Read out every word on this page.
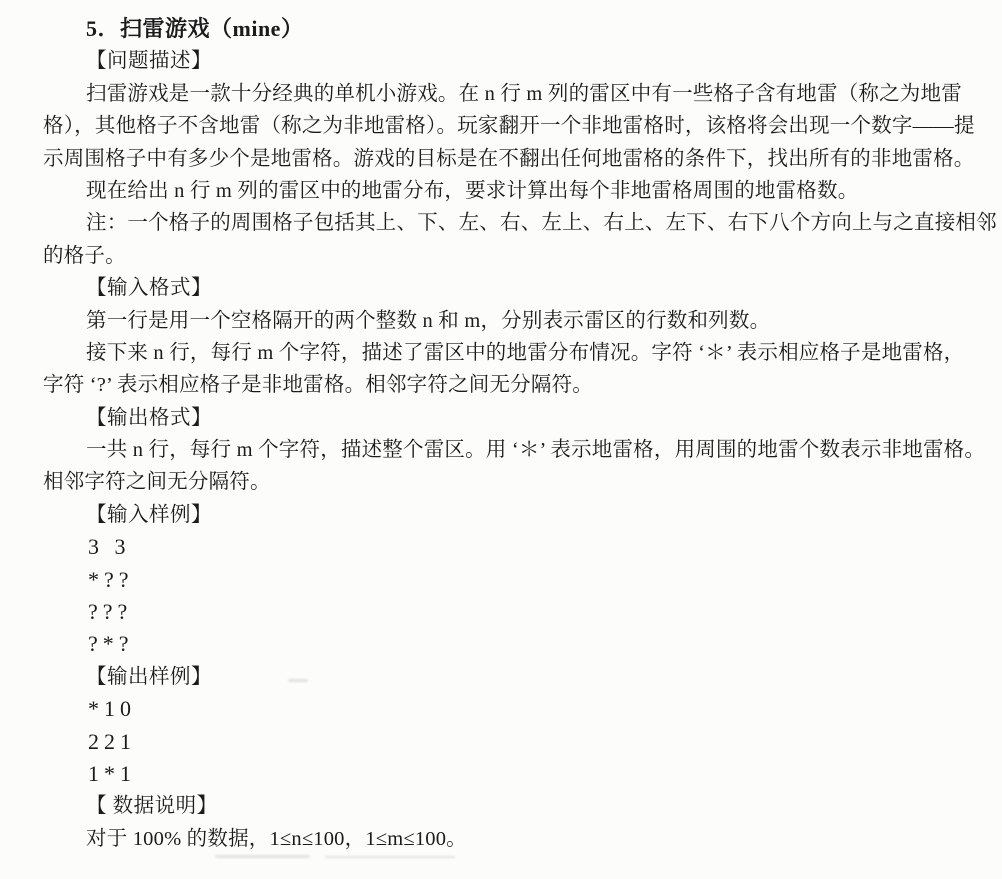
5．扫雷游戏（mine）
【问题描述】
扫雷游戏是一款十分经典的单机小游戏。在 n 行 m 列的雷区中有一些格子含有地雷（称之为地雷
格），其他格子不含地雷（称之为非地雷格）。玩家翻开一个非地雷格时，该格将会出现一个数字——提
示周围格子中有多少个是地雷格。游戏的目标是在不翻出任何地雷格的条件下，找出所有的非地雷格。
现在给出 n 行 m 列的雷区中的地雷分布，要求计算出每个非地雷格周围的地雷格数。
注：一个格子的周围格子包括其上、下、左、右、左上、右上、左下、右下八个方向上与之直接相邻
的格子。
【输入格式】
第一行是用一个空格隔开的两个整数 n 和 m，分别表示雷区的行数和列数。
接下来 n 行，每行 m 个字符，描述了雷区中的地雷分布情况。字符 ‘＊’ 表示相应格子是地雷格，
字符 ‘?’ 表示相应格子是非地雷格。相邻字符之间无分隔符。
【输出格式】
一共 n 行，每行 m 个字符，描述整个雷区。用 ‘＊’ 表示地雷格，用周围的地雷个数表示非地雷格。
相邻字符之间无分隔符。
【输入样例】
3 3
*??
???
?*?
【输出样例】
*10
221
1*1
【 数据说明】
对于 100% 的数据，1≤n≤100，1≤m≤100。
